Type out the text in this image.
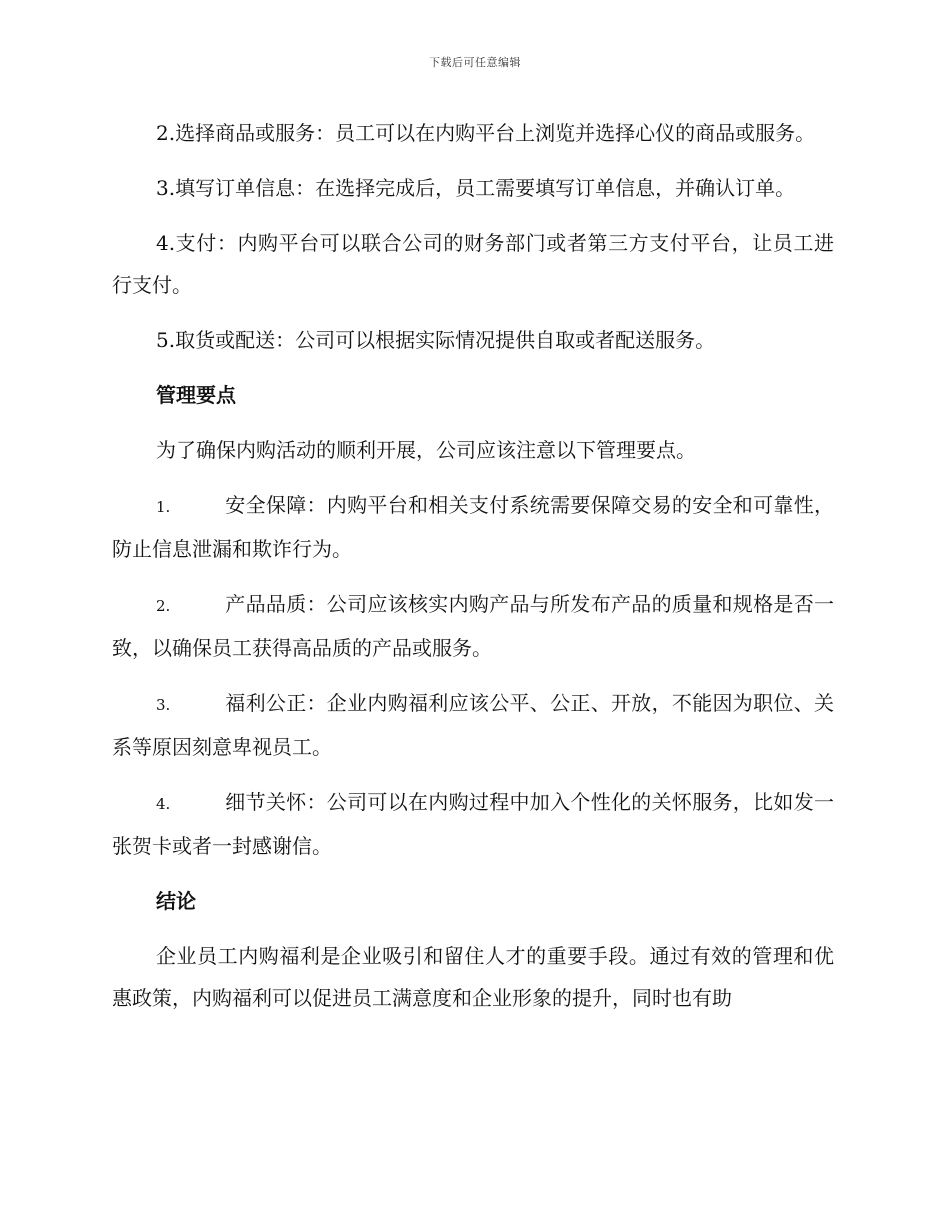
下载后可任意编辑

2.选择商品或服务：员工可以在内购平台上浏览并选择心仪的商品或服务。

3.填写订单信息：在选择完成后，员工需要填写订单信息，并确认订单。

4.支付：内购平台可以联合公司的财务部门或者第三方支付平台，让员工进行支付。

5.取货或配送：公司可以根据实际情况提供自取或者配送服务。

管理要点

为了确保内购活动的顺利开展，公司应该注意以下管理要点。

1.	安全保障：内购平台和相关支付系统需要保障交易的安全和可靠性，防止信息泄漏和欺诈行为。

2.	产品品质：公司应该核实内购产品与所发布产品的质量和规格是否一致，以确保员工获得高品质的产品或服务。

3.	福利公正：企业内购福利应该公平、公正、开放，不能因为职位、关系等原因刻意卑视员工。

4.	细节关怀：公司可以在内购过程中加入个性化的关怀服务，比如发一张贺卡或者一封感谢信。

结论

企业员工内购福利是企业吸引和留住人才的重要手段。通过有效的管理和优惠政策，内购福利可以促进员工满意度和企业形象的提升，同时也有助
